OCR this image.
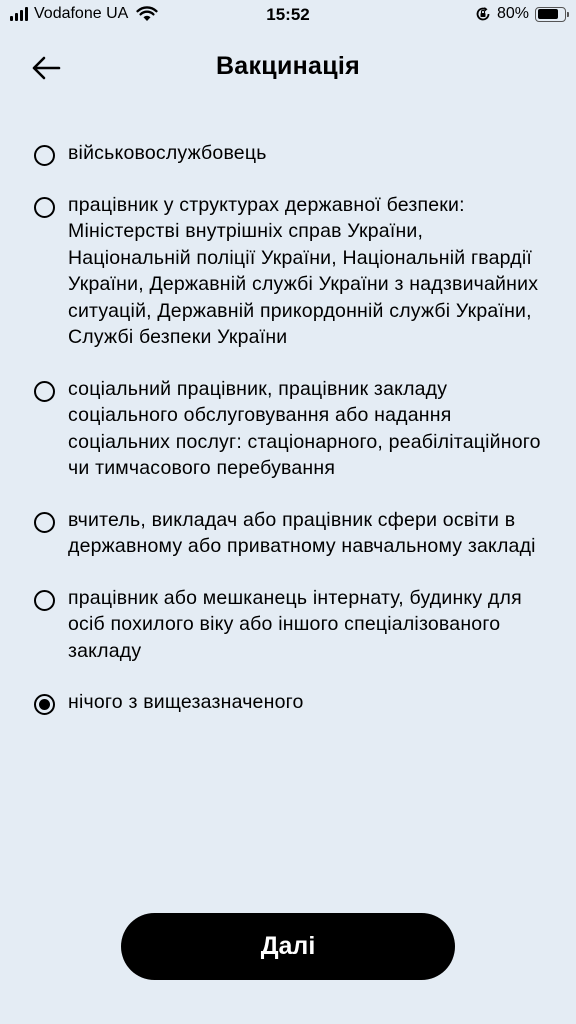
Vodafone UA	15:52	80%
Вакцинація
військовослужбовець
працівник у структурах державної безпеки: Міністерстві внутрішніх справ України, Національній поліції України, Національній гвардії України, Державній службі України з надзвичайних ситуацій, Державній прикордонній службі України, Службі безпеки України
соціальний працівник, працівник закладу соціального обслуговування або надання соціальних послуг: стаціонарного, реабілітаційного чи тимчасового перебування
вчитель, викладач або працівник сфери освіти в державному або приватному навчальному закладі
працівник або мешканець інтернату, будинку для осіб похилого віку або іншого спеціалізованого закладу
нічого з вищезазначеного
Далі
